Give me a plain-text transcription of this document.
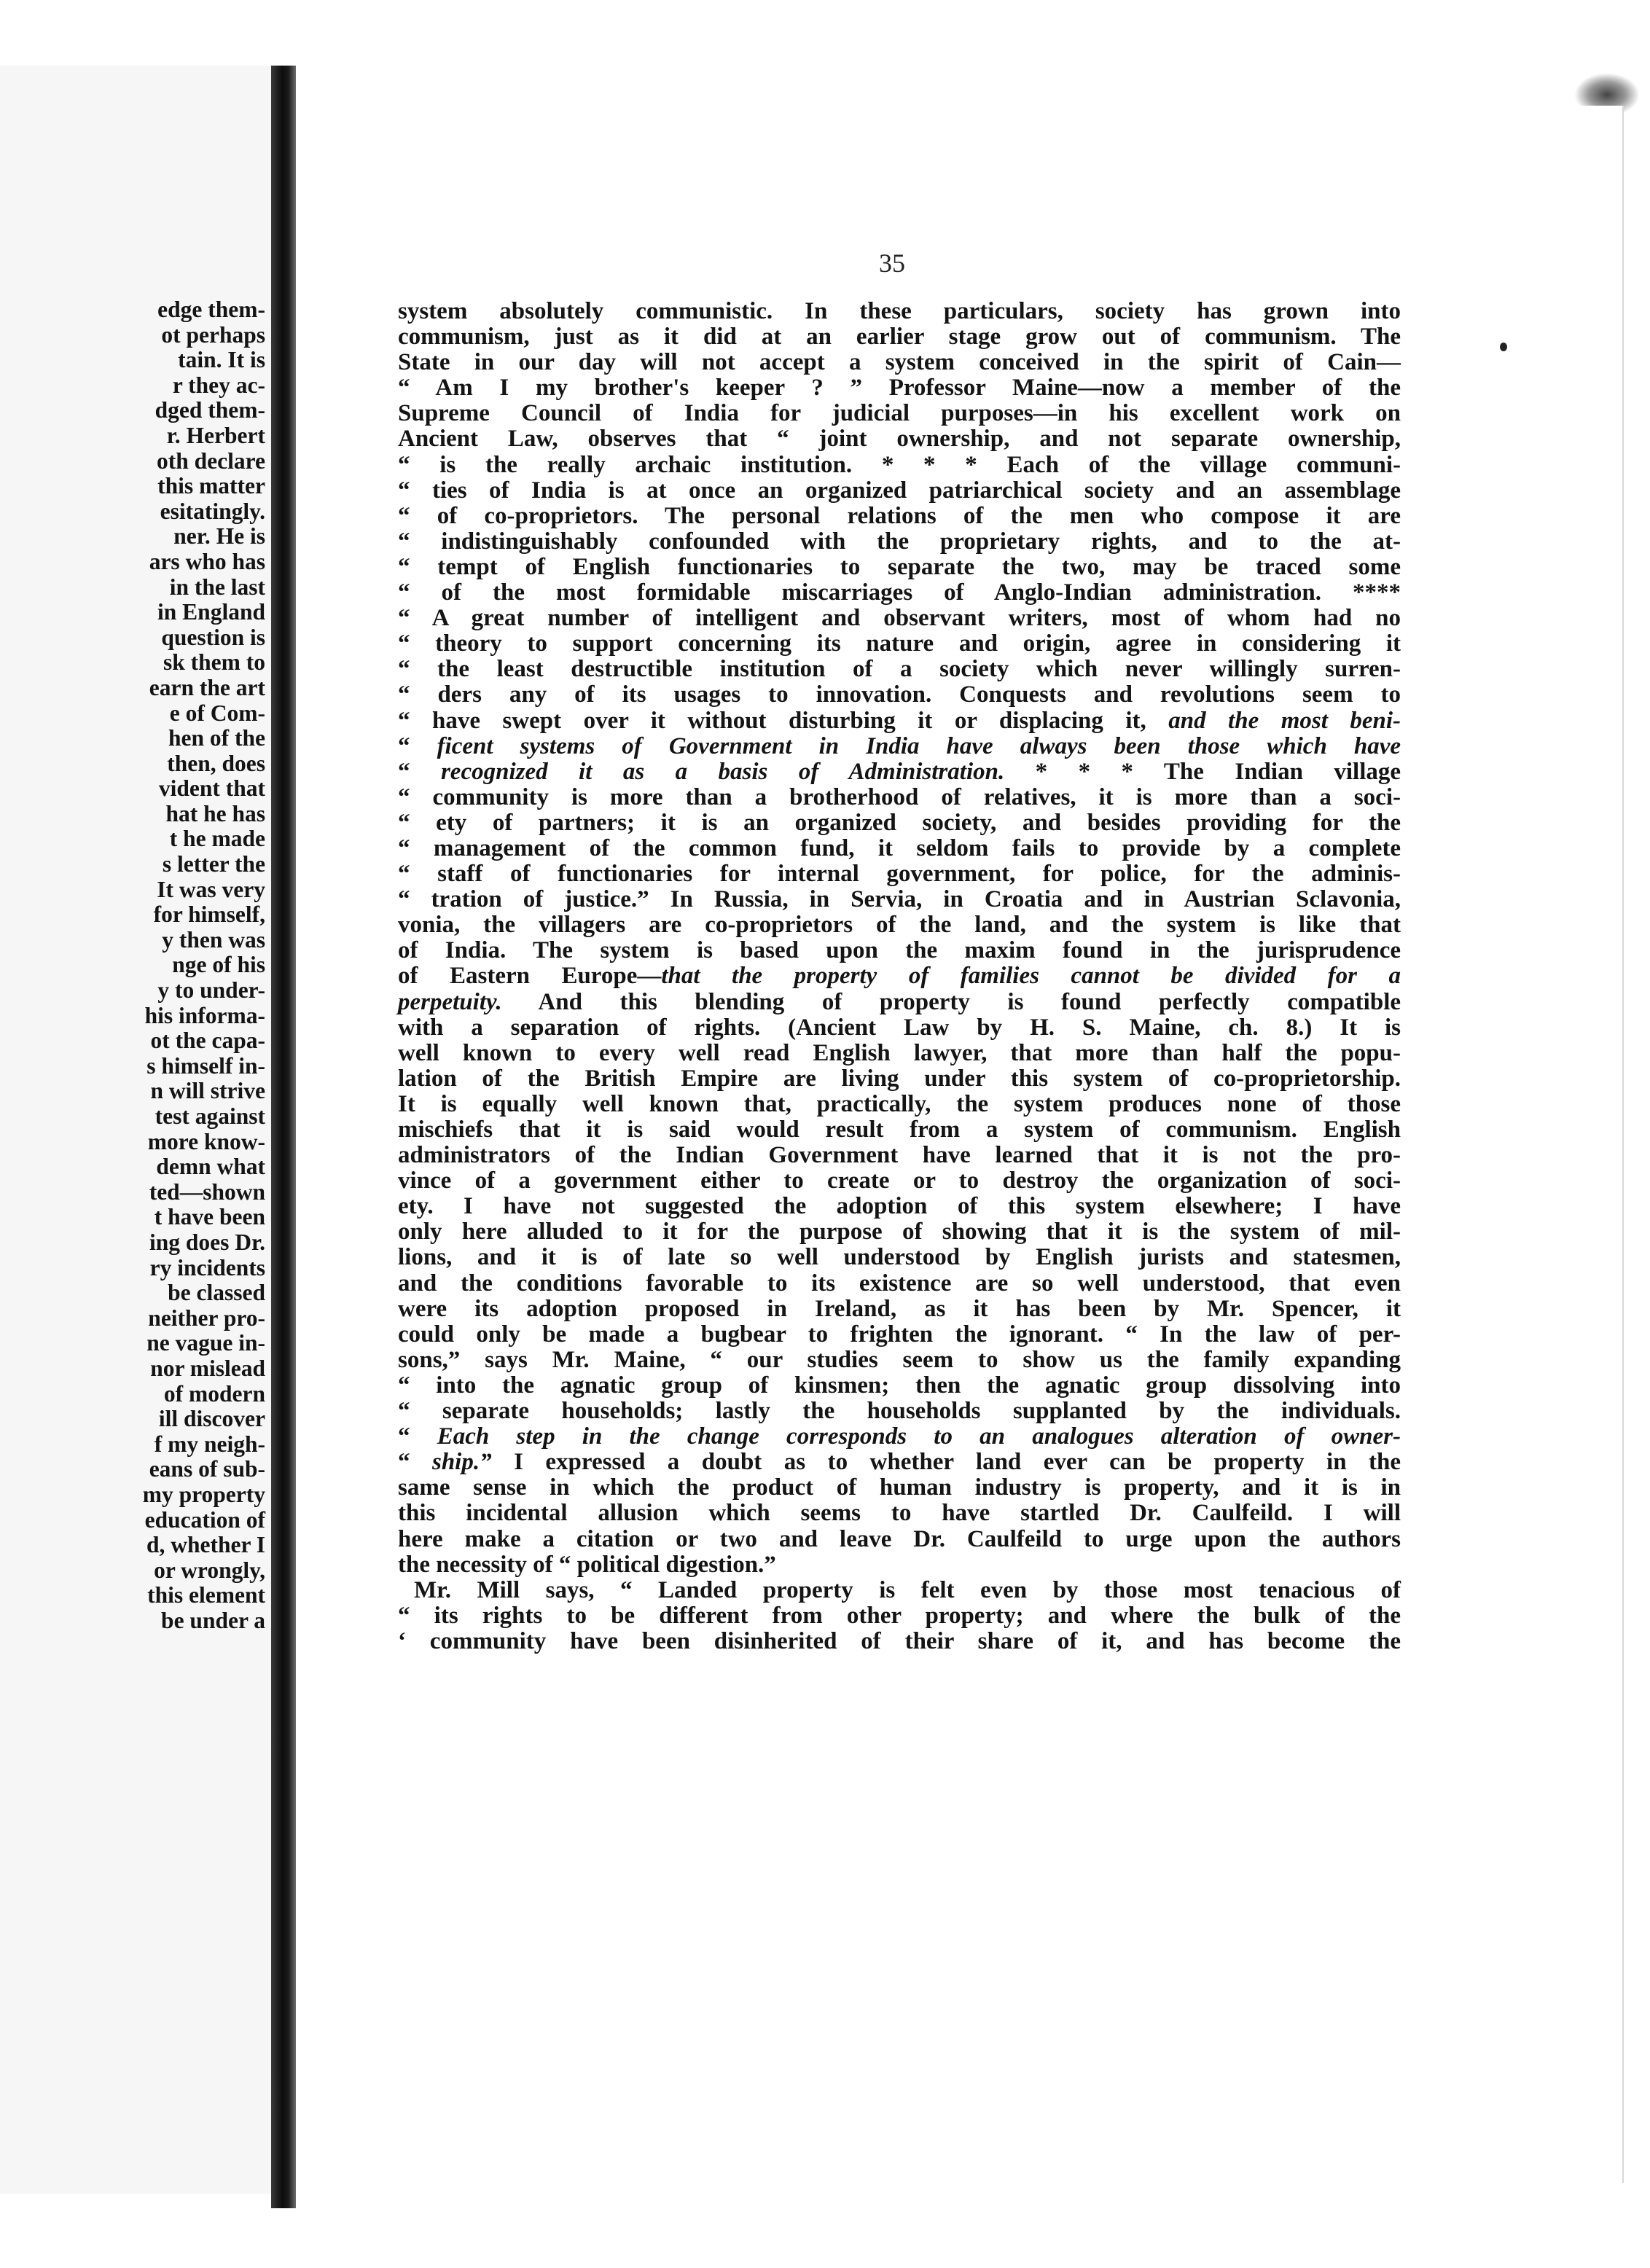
edge them-
ot perhaps
tain. It is
r they ac-
dged them-
r. Herbert
oth declare
this matter
esitatingly.
ner. He is
ars who has
in the last
in England
question is
sk them to
earn the art
e of Com-
hen of the
then, does
vident that
hat he has
t he made
s letter the
It was very
for himself,
y then was
nge of his
y to under-
his informa-
ot the capa-
s himself in-
n will strive
test against
more know-
demn what
ted—shown
t have been
ing does Dr.
ry incidents
be classed
neither pro-
ne vague in-
nor mislead
of modern
ill discover
f my neigh-
eans of sub-
my property
education of
d, whether I
or wrongly,
this element
be under a
35
system absolutely communistic. In these particulars, society has grown into
communism, just as it did at an earlier stage grow out of communism. The
State in our day will not accept a system conceived in the spirit of Cain—
“ Am I my brother's keeper ? ” Professor Maine—now a member of the
Supreme Council of India for judicial purposes—in his excellent work on
Ancient Law, observes that “ joint ownership, and not separate ownership,
“ is the really archaic institution. * * * Each of the village communi-
“ ties of India is at once an organized patriarchical society and an assemblage
“ of co-proprietors. The personal relations of the men who compose it are
“ indistinguishably confounded with the proprietary rights, and to the at-
“ tempt of English functionaries to separate the two, may be traced some
“ of the most formidable miscarriages of Anglo-Indian administration. ****
“ A great number of intelligent and observant writers, most of whom had no
“ theory to support concerning its nature and origin, agree in considering it
“ the least destructible institution of a society which never willingly surren-
“ ders any of its usages to innovation. Conquests and revolutions seem to
“ have swept over it without disturbing it or displacing it, and the most beni-
“ ficent systems of Government in India have always been those which have
“ recognized it as a basis of Administration. * * * The Indian village
“ community is more than a brotherhood of relatives, it is more than a soci-
“ ety of partners; it is an organized society, and besides providing for the
“ management of the common fund, it seldom fails to provide by a complete
“ staff of functionaries for internal government, for police, for the adminis-
“ tration of justice.” In Russia, in Servia, in Croatia and in Austrian Sclavonia,
vonia, the villagers are co-proprietors of the land, and the system is like that
of India. The system is based upon the maxim found in the jurisprudence
of Eastern Europe—that the property of families cannot be divided for a
perpetuity. And this blending of property is found perfectly compatible
with a separation of rights. (Ancient Law by H. S. Maine, ch. 8.) It is
well known to every well read English lawyer, that more than half the popu-
lation of the British Empire are living under this system of co-proprietorship.
It is equally well known that, practically, the system produces none of those
mischiefs that it is said would result from a system of communism. English
administrators of the Indian Government have learned that it is not the pro-
vince of a government either to create or to destroy the organization of soci-
ety. I have not suggested the adoption of this system elsewhere; I have
only here alluded to it for the purpose of showing that it is the system of mil-
lions, and it is of late so well understood by English jurists and statesmen,
and the conditions favorable to its existence are so well understood, that even
were its adoption proposed in Ireland, as it has been by Mr. Spencer, it
could only be made a bugbear to frighten the ignorant. “ In the law of per-
sons,” says Mr. Maine, “ our studies seem to show us the family expanding
“ into the agnatic group of kinsmen; then the agnatic group dissolving into
“ separate households; lastly the households supplanted by the individuals.
“ Each step in the change corresponds to an analogues alteration of owner-
“ ship.” I expressed a doubt as to whether land ever can be property in the
same sense in which the product of human industry is property, and it is in
this incidental allusion which seems to have startled Dr. Caulfeild. I will
here make a citation or two and leave Dr. Caulfeild to urge upon the authors
the necessity of “ political digestion.”
Mr. Mill says, “ Landed property is felt even by those most tenacious of
“ its rights to be different from other property; and where the bulk of the
‘ community have been disinherited of their share of it, and has become the
